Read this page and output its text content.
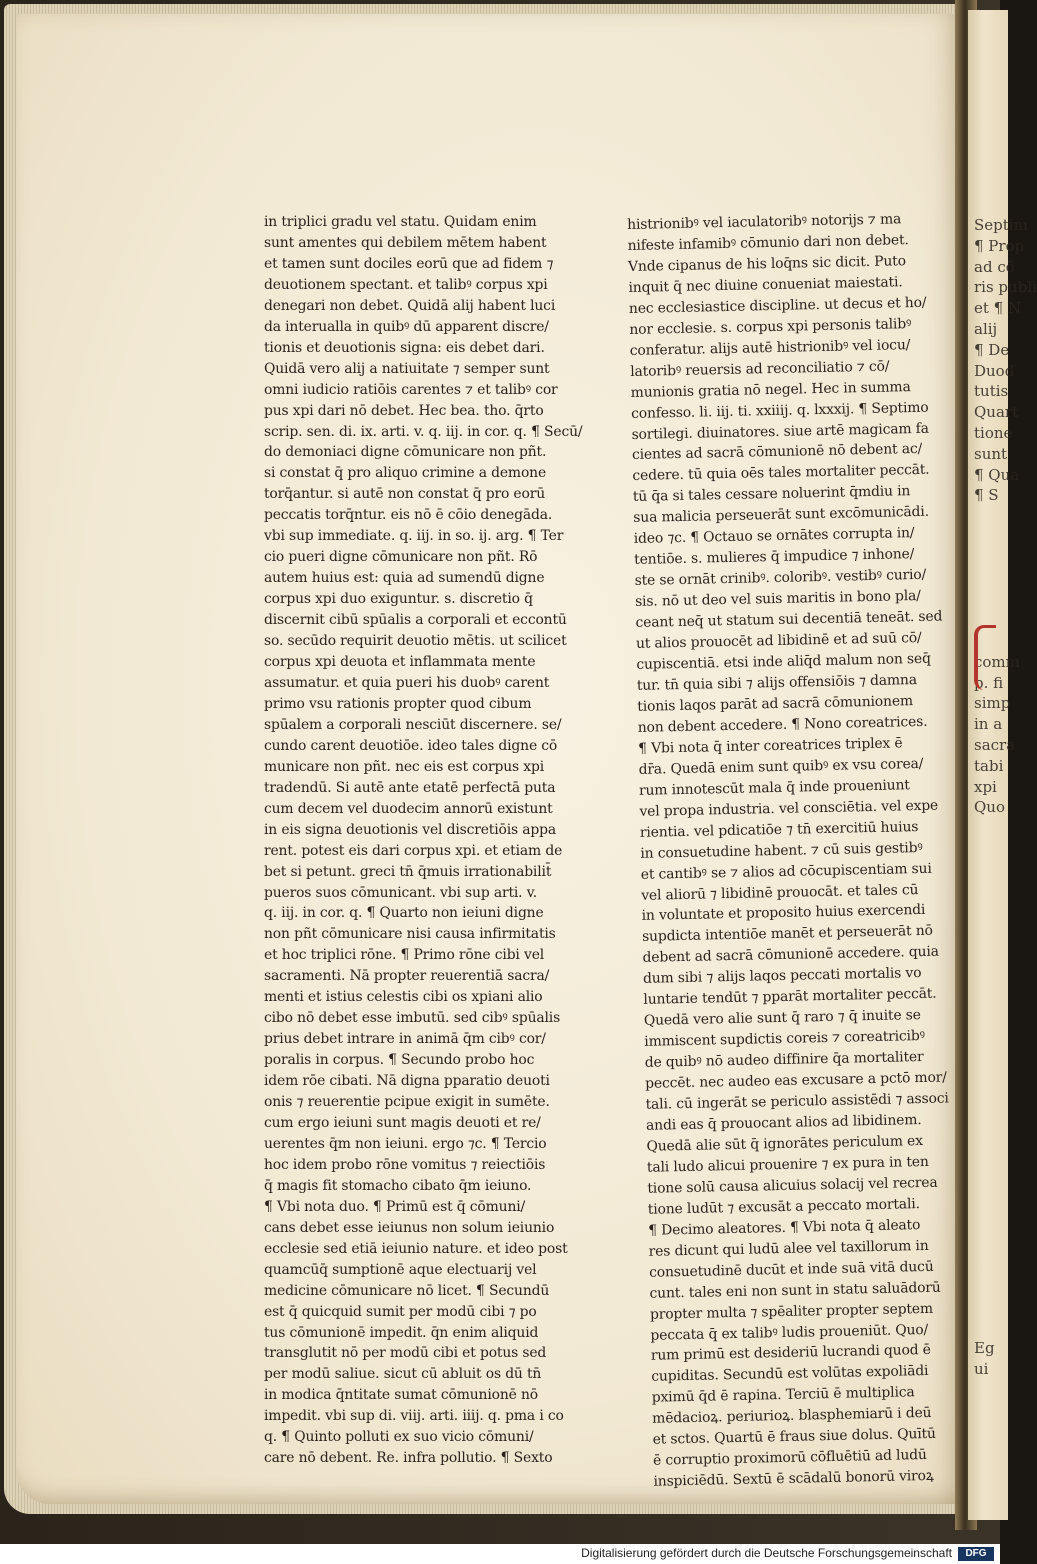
Septim
¶ Prop
ad cō
ris publi
et ¶ N
alij
¶ De
Duod
tutis
Quart
tione
sunt
¶ Qua
¶ S
comm
p. fi
simp
in a
sacra
tabi
xpi
Quo
Eg
ui
in triplici gradu vel statu. Quidam enim
sunt amentes qui debilem mētem habent
et tamen sunt dociles eorū que ad fidem ⁊
deuotionem spectant. et talibꝰ corpus xpi
denegari non debet. Quidā alij habent luci
da interualla in quibꝰ dū apparent discre/
tionis et deuotionis signa: eis debet dari.
Quidā vero alij a natiuitate ⁊ semper sunt
omni iudicio ratiōis carentes ⁊ et talibꝰ cor
pus xpi dari nō debet. Hec bea. tho. q̄rto
scrip. sen. di. ix. arti. v. q. iij. in cor. q. ¶ Secū/
do demoniaci digne cōmunicare non pñt.
si constat q̄ pro aliquo crimine a demone
torq̄antur. si autē non constat q̄ pro eorū
peccatis torq̄ntur. eis nō ē cōio denegāda.
vbi sup immediate. q. iij. in so. ij. arg. ¶ Ter
cio pueri digne cōmunicare non pñt. Rō
autem huius est: quia ad sumendū digne
corpus xpi duo exiguntur. s. discretio q̄
discernit cibū spūalis a corporali et eccontū
so. secūdo requirit deuotio mētis. ut scilicet
corpus xpi deuota et inflammata mente
assumatur. et quia pueri his duobꝰ carent
primo vsu rationis propter quod cibum
spūalem a corporali nesciūt discernere. se/
cundo carent deuotiōe. ideo tales digne cō
municare non pñt. nec eis est corpus xpi
tradendū. Si autē ante etatē perfectā puta
cum decem vel duodecim annorū existunt
in eis signa deuotionis vel discretiōis appa
rent. potest eis dari corpus xpi. et etiam de
bet si petunt. greci tn̄ q̄muis irrationabilit̄
pueros suos cōmunicant. vbi sup arti. v.
q. iij. in cor. q. ¶ Quarto non ieiuni digne
non pñt cōmunicare nisi causa infirmitatis
et hoc triplici rōne. ¶ Primo rōne cibi vel
sacramenti. Nā propter reuerentiā sacra/
menti et istius celestis cibi os xpiani alio
cibo nō debet esse imbutū. sed cibꝰ spūalis
prius debet intrare in animā q̄m cibꝰ cor/
poralis in corpus. ¶ Secundo probo hoc
idem rōe cibati. Nā digna pparatio deuoti
onis ⁊ reuerentie pcipue exigit in sumēte.
cum ergo ieiuni sunt magis deuoti et re/
uerentes q̄m non ieiuni. ergo ⁊c. ¶ Tercio
hoc idem probo rōne vomitus ⁊ reiectiōis
q̄ magis fit stomacho cibato q̄m ieiuno.
¶ Vbi nota duo. ¶ Primū est q̄ cōmuni/
cans debet esse ieiunus non solum ieiunio
ecclesie sed etiā ieiunio nature. et ideo post
quamcūq̄ sumptionē aque electuarij vel
medicine cōmunicare nō licet. ¶ Secundū
est q̄ quicquid sumit per modū cibi ⁊ po
tus cōmunionē impedit. q̄n enim aliquid
transglutit nō per modū cibi et potus sed
per modū saliue. sicut cū abluit os dū tn̄
in modica q̄ntitate sumat cōmunionē nō
impedit. vbi sup di. viij. arti. iiij. q. pma i co
q. ¶ Quinto polluti ex suo vicio cōmuni/
care nō debent. Re. infra pollutio. ¶ Sexto
histrionibꝰ vel iaculatoribꝰ notorijs ⁊ ma
nifeste infamibꝰ cōmunio dari non debet.
Vnde cipanus de his loq̄ns sic dicit. Puto
inquit q̄ nec diuine conueniat maiestati.
nec ecclesiastice discipline. ut decus et ho/
nor ecclesie. s. corpus xpi personis talibꝰ
conferatur. alijs autē histrionibꝰ vel iocu/
latoribꝰ reuersis ad reconciliatio ⁊ cō/
munionis gratia nō negel. Hec in summa
confesso. li. iij. ti. xxiiij. q. lxxxij. ¶ Septimo
sortilegi. diuinatores. siue artē magicam fa
cientes ad sacrā cōmunionē nō debent ac/
cedere. tū quia oēs tales mortaliter peccāt.
tū q̄a si tales cessare noluerint q̄mdiu in
sua malicia perseuerāt sunt excōmunicādi.
ideo ⁊c. ¶ Octauo se ornātes corrupta in/
tentiōe. s. mulieres q̄ impudice ⁊ inhone/
ste se ornāt crinibꝰ. coloribꝰ. vestibꝰ curio/
sis. nō ut deo vel suis maritis in bono pla/
ceant neq̄ ut statum sui decentiā teneāt. sed
ut alios prouocēt ad libidinē et ad suū cō/
cupiscentiā. etsi inde aliq̄d malum non seq̄
tur. tn̄ quia sibi ⁊ alijs offensiōis ⁊ damna
tionis laqos parāt ad sacrā cōmunionem
non debent accedere. ¶ Nono coreatrices.
¶ Vbi nota q̄ inter coreatrices triplex ē
dr̄a. Quedā enim sunt quibꝰ ex vsu corea/
rum innotescūt mala q̄ inde proueniunt
vel propa industria. vel consciētia. vel expe
rientia. vel pdicatiōe ⁊ tn̄ exercitiū huius
in consuetudine habent. ⁊ cū suis gestibꝰ
et cantibꝰ se ⁊ alios ad cōcupiscentiam sui
vel aliorū ⁊ libidinē prouocāt. et tales cū
in voluntate et proposito huius exercendi
supdicta intentiōe manēt et perseuerāt nō
debent ad sacrā cōmunionē accedere. quia
dum sibi ⁊ alijs laqos peccati mortalis vo
luntarie tendūt ⁊ pparāt mortaliter peccāt.
Quedā vero alie sunt q̄ raro ⁊ q̄ inuite se
immiscent supdictis coreis ⁊ coreatricibꝰ
de quibꝰ nō audeo diffinire q̄a mortaliter
peccēt. nec audeo eas excusare a pctō mor/
tali. cū ingerāt se periculo assistēdi ⁊ associ
andi eas q̄ prouocant alios ad libidinem.
Quedā alie sūt q̄ ignorātes periculum ex
tali ludo alicui prouenire ⁊ ex pura in ten
tione solū causa alicuius solacij vel recrea
tione ludūt ⁊ excusāt a peccato mortali.
¶ Decimo aleatores. ¶ Vbi nota q̄ aleato
res dicunt qui ludū alee vel taxillorum in
consuetudinē ducūt et inde suā vitā ducū
cunt. tales eni non sunt in statu saluādorū
propter multa ⁊ spēaliter propter septem
peccata q̄ ex talibꝰ ludis proueniūt. Quo/
rum primū est desideriū lucrandi quod ē
cupiditas. Secundū est volūtas expoliādi
pximū q̄d ē rapina. Terciū ē multiplica
mēdacioꝝ. periurioꝝ. blasphemiarū i deū
et sctos. Quartū ē fraus siue dolus. Quītū
ē corruptio proximorū cōfluētiū ad ludū
inspiciēdū. Sextū ē scādalū bonorū viroꝝ
Digitalisierung gefördert durch die Deutsche Forschungsgemeinschaft	DFG
